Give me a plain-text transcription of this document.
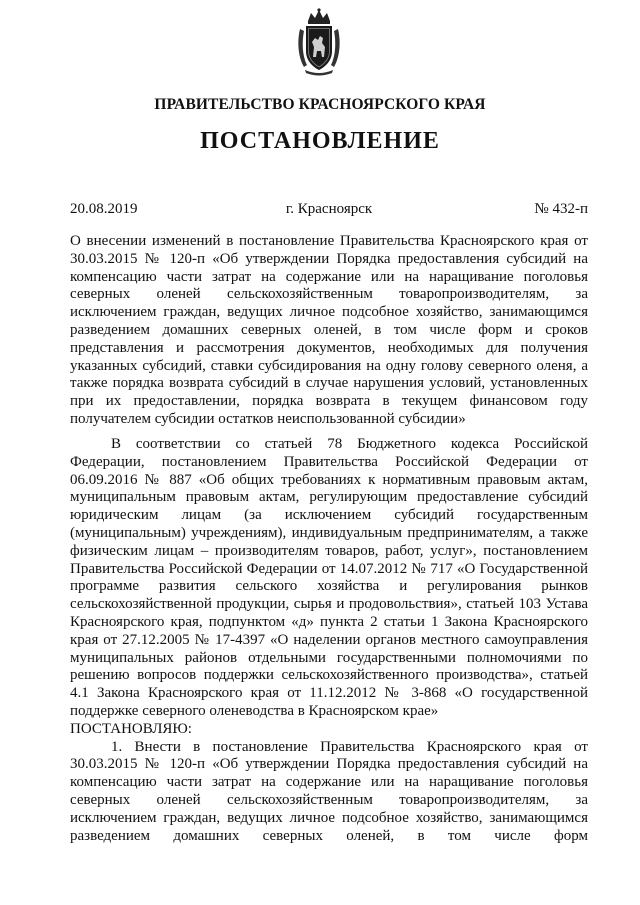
ПРАВИТЕЛЬСТВО КРАСНОЯРСКОГО КРАЯ
ПОСТАНОВЛЕНИЕ
20.08.2019	г. Красноярск	№ 432-п

О внесении изменений в постановление Правительства Красноярского края от 30.03.2015 № 120-п «Об утверждении Порядка предоставления субсидий на компенсацию части затрат на содержание или на наращивание поголовья северных оленей сельскохозяйственным товаропроизводителям, за исключением граждан, ведущих личное подсобное хозяйство, занимающимся разведением домашних северных оленей, в том числе форм и сроков представления и рассмотрения документов, необходимых для получения указанных субсидий, ставки субсидирования на одну голову северного оленя, а также порядка возврата субсидий в случае нарушения условий, установленных при их предоставлении, порядка возврата в текущем финансовом году получателем субсидии остатков неиспользованной субсидии»

В соответствии со статьей 78 Бюджетного кодекса Российской Федерации, постановлением Правительства Российской Федерации от 06.09.2016 № 887 «Об общих требованиях к нормативным правовым актам, муниципальным правовым актам, регулирующим предоставление субсидий юридическим лицам (за исключением субсидий государственным (муниципальным) учреждениям), индивидуальным предпринимателям, а также физическим лицам – производителям товаров, работ, услуг», постановлением Правительства Российской Федерации от 14.07.2012 № 717 «О Государственной программе развития сельского хозяйства и регулирования рынков сельскохозяйственной продукции, сырья и продовольствия», статьей 103 Устава Красноярского края, подпунктом «д» пункта 2 статьи 1 Закона Красноярского края от 27.12.2005 № 17-4397 «О наделении органов местного самоуправления муниципальных районов отдельными государственными полномочиями по решению вопросов поддержки сельскохозяйственного производства», статьей 4.1 Закона Красноярского края от 11.12.2012 № 3-868 «О государственной поддержке северного оленеводства в Красноярском крае»

ПОСТАНОВЛЯЮ:

1. Внести в постановление Правительства Красноярского края от 30.03.2015 № 120-п «Об утверждении Порядка предоставления субсидий на компенсацию части затрат на содержание или на наращивание поголовья северных оленей сельскохозяйственным товаропроизводителям, за исключением граждан, ведущих личное подсобное хозяйство, занимающимся разведением домашних северных оленей, в том числе форм
